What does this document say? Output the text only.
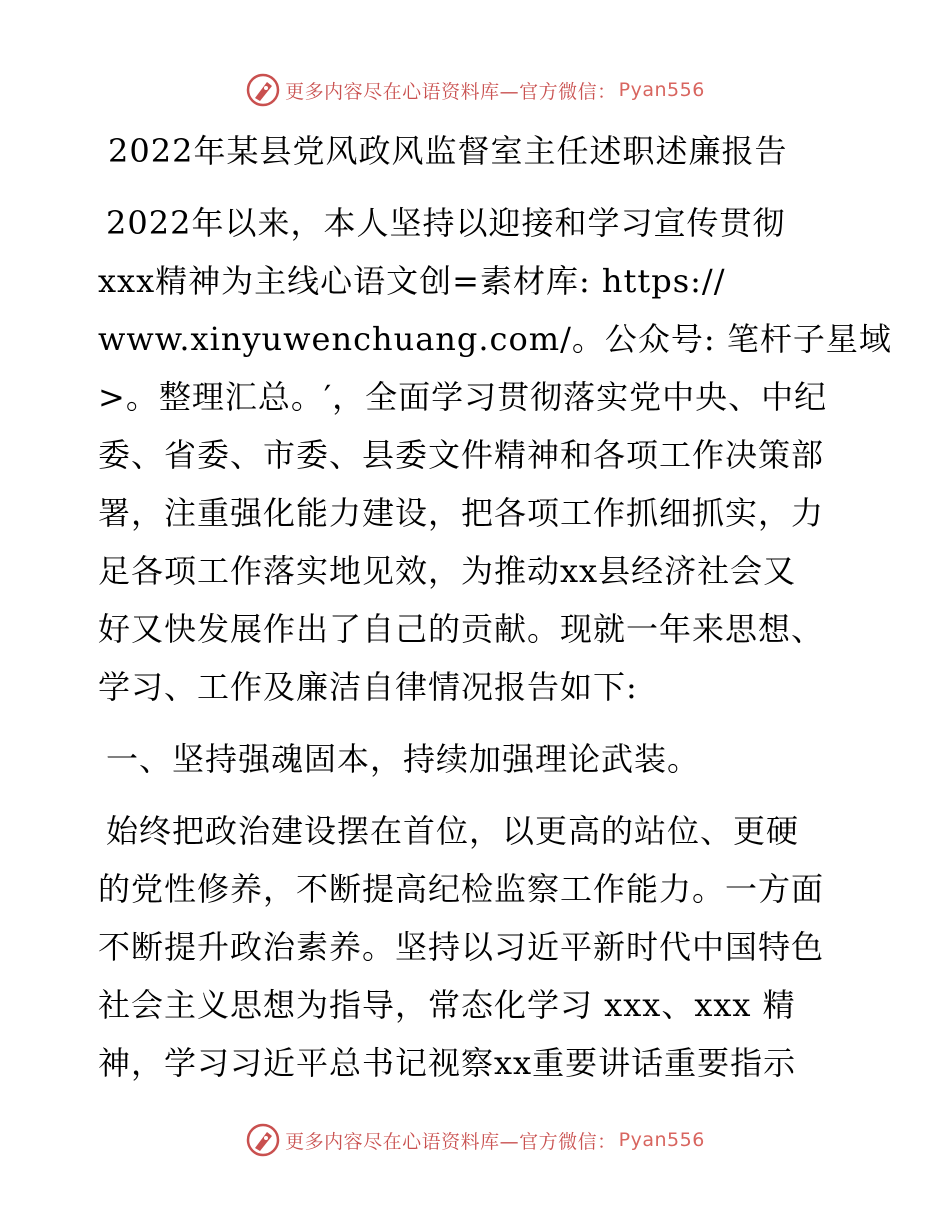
更多内容尽在心语资料库—官方微信： Pyan556
2022年某县党风政风监督室主任述职述廉报告
2022年以来，本人坚持以迎接和学习宣传贯彻
xxx精神为主线心语文创=素材库: https://
www.xinyuwenchuang.com/。公众号: 笔杆子星域
>。整理汇总。′，全面学习贯彻落实党中央、中纪
委、省委、市委、县委文件精神和各项工作决策部
署，注重强化能力建设，把各项工作抓细抓实，力
足各项工作落实地见效，为推动xx县经济社会又
好又快发展作出了自己的贡献。现就一年来思想、
学习、工作及廉洁自律情况报告如下:
一、坚持强魂固本，持续加强理论武装。
始终把政治建设摆在首位，以更高的站位、更硬
的党性修养，不断提高纪检监察工作能力。一方面
不断提升政治素养。坚持以习近平新时代中国特色
社会主义思想为指导，常态化学习 xxx、xxx 精
神，学习习近平总书记视察xx重要讲话重要指示
更多内容尽在心语资料库—官方微信： Pyan556
